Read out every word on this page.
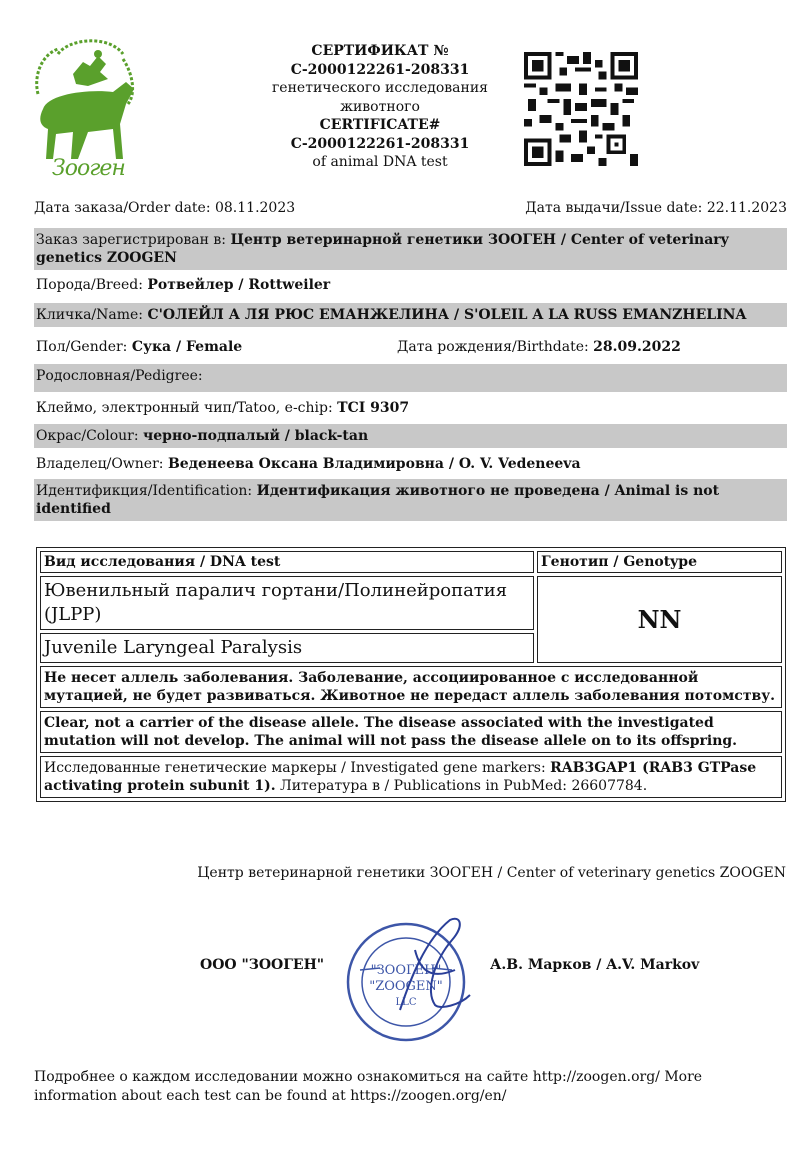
Зooген
СЕРТИФИКАТ №
С-2000122261-208331
генетического исследования
животного
CERTIFICATE#
С-2000122261-208331
of animal DNA test
Дата заказа/Order date: 08.11.2023	Дата выдачи/Issue date: 22.11.2023
Заказ зарегистрирован в: Центр ветеринарной генетики ЗООГЕН / Center of veterinary genetics ZOOGEN
Порода/Breed: Ротвейлер / Rottweiler
Кличка/Name: С'ОЛЕЙЛ А ЛЯ РЮС ЕМАНЖЕЛИНА / S'OLEIL A LA RUSS EMANZHELINA
Пол/Gender: Сука / Female	Дата рождения/Birthdate: 28.09.2022
Родословная/Pedigree:
Клеймо, электронный чип/Tatoo, e-chip: TCI 9307
Окрас/Colour: черно-подпалый / black-tan
Владелец/Owner: Веденеева Оксана Владимировна / O. V. Vedeneeva
Идентификция/Identification: Идентификация животного не проведена / Animal is not identified
Вид исследования / DNA test	Генотип / Genotype
Ювенильный паралич гортани/Полинейропатия (JLPP)	NN
Juvenile Laryngeal Paralysis	
Не несет аллель заболевания. Заболевание, ассоциированное с исследованной мутацией, не будет развиваться. Животное не передаст аллель заболевания потомству.	
Clear, not a carrier of the disease allele. The disease associated with the investigated mutation will not develop. The animal will not pass the disease allele on to its offspring.	
Исследованные генетические маркеры / Investigated gene markers: RAB3GAP1 (RAB3 GTPase activating protein subunit 1). Литература в / Publications in PubMed: 26607784.	
Центр ветеринарной генетики ЗООГЕН / Center of veterinary genetics ZOOGEN
ООО "ЗООГЕН"	"ЗООГЕН"
"ZOOGEN"
LLC
А.В. Марков / A.V. Markov
Подробнее о каждом исследовании можно ознакомиться на сайте http://zoogen.org/ More information about each test can be found at https://zoogen.org/en/
